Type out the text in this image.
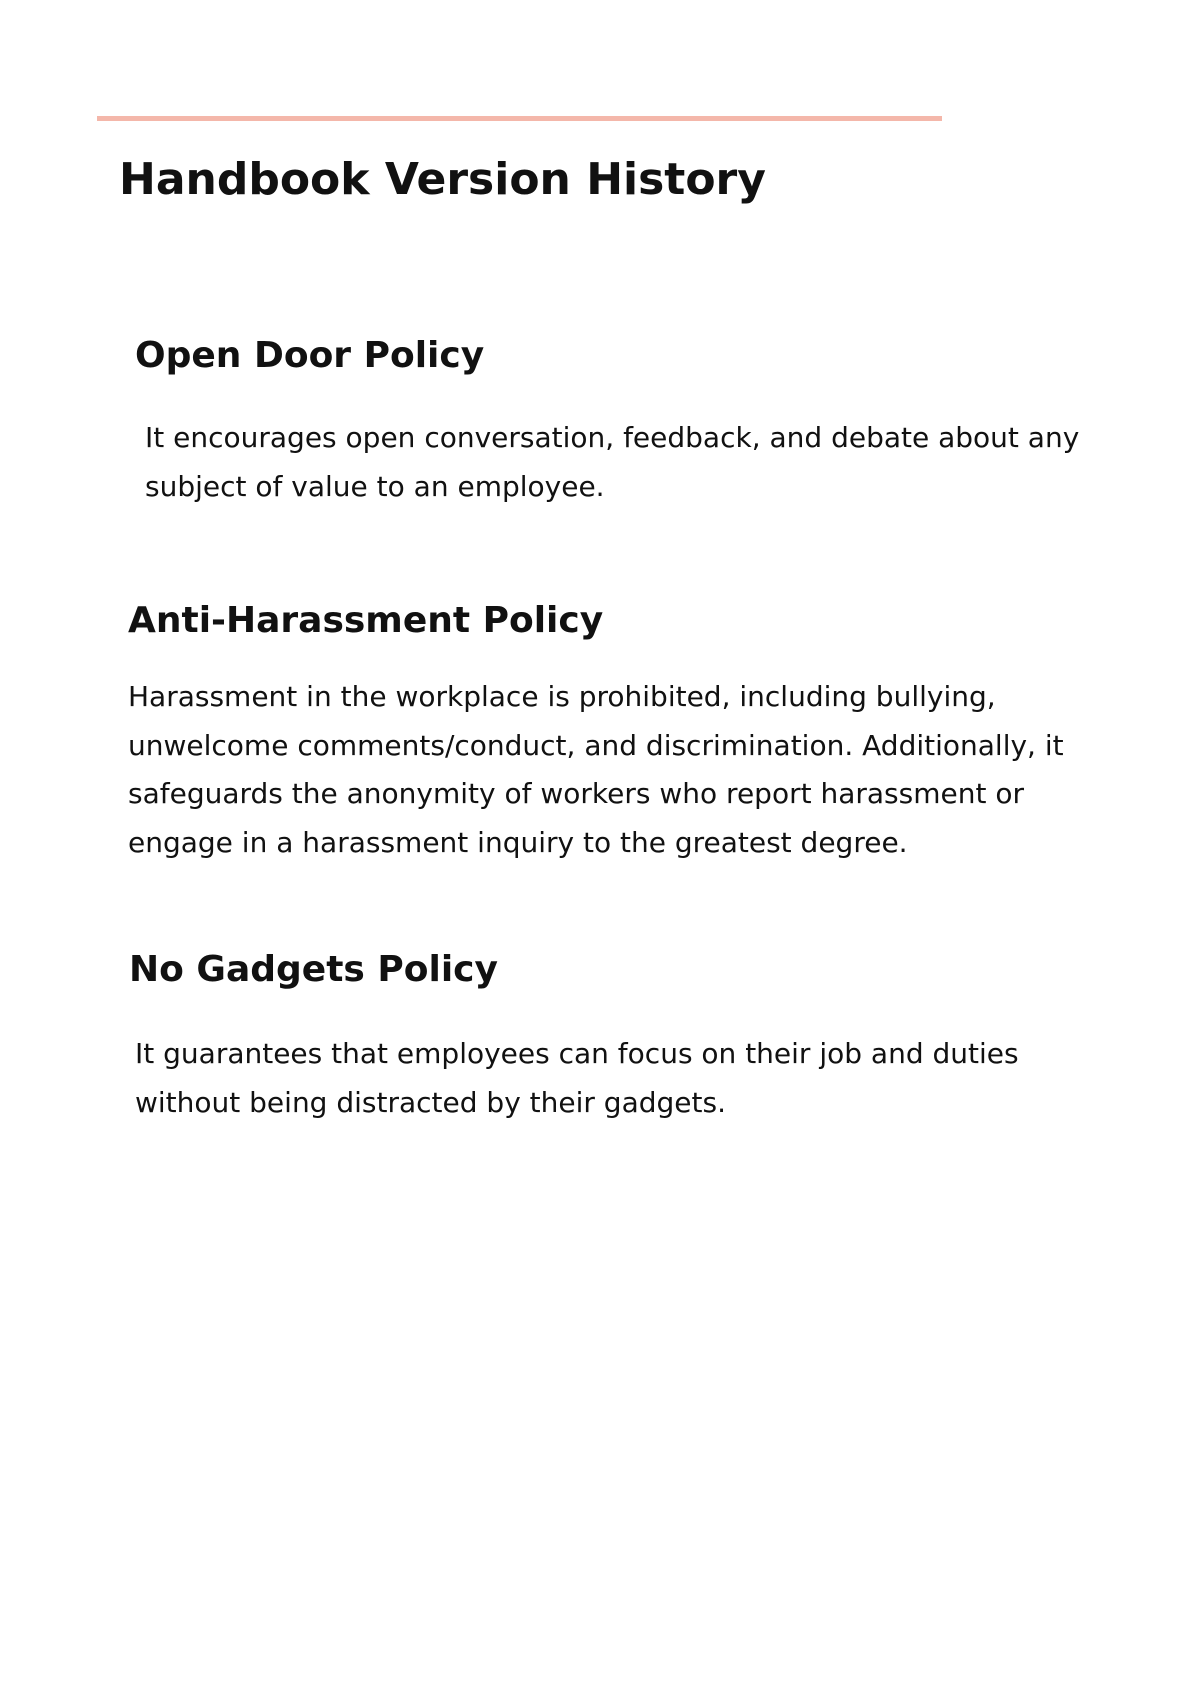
Handbook Version History
Open Door Policy

It encourages open conversation, feedback, and debate about any
subject of value to an employee.

Anti-Harassment Policy

Harassment in the workplace is prohibited, including bullying,
unwelcome comments/conduct, and discrimination. Additionally, it
safeguards the anonymity of workers who report harassment or
engage in a harassment inquiry to the greatest degree.

No Gadgets Policy

It guarantees that employees can focus on their job and duties
without being distracted by their gadgets.
